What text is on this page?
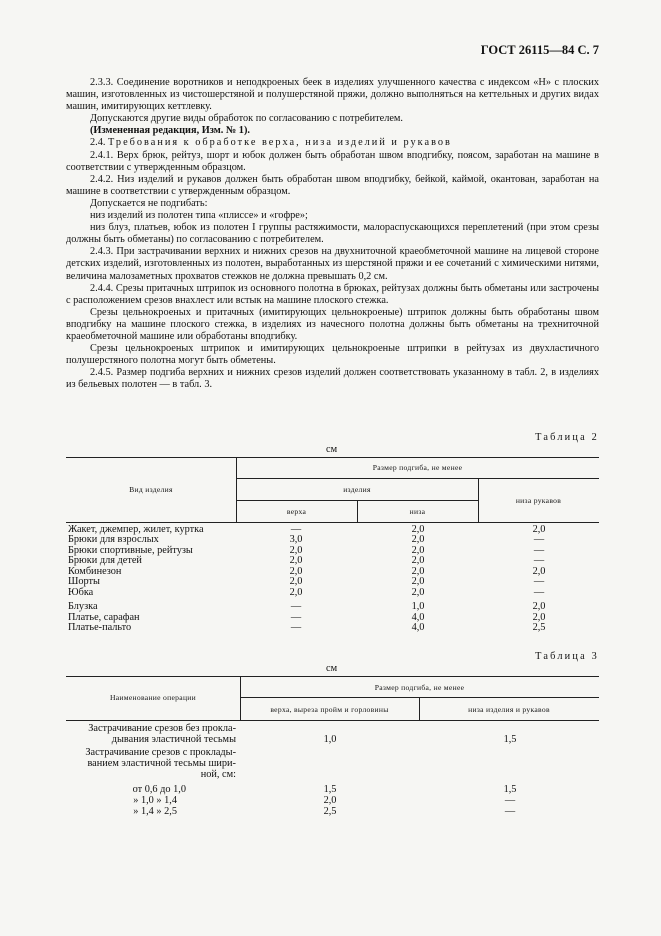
ГОСТ 26115—84 С. 7

2.3.3. Соединение воротников и неподкроеных беек в изделиях улучшенного качества с индексом «Н» с плоских машин, изготовленных из чистошерстяной и полушерстяной пряжи, должно выполняться на кеттельных и других видах машин, имитирующих кеттлевку.

Допускаются другие виды обработок по согласованию с потребителем.

(Измененная редакция, Изм. № 1).

2.4. Требования к обработке верха, низа изделий и рукавов

2.4.1. Верх брюк, рейтуз, шорт и юбок должен быть обработан швом вподгибку, поясом, заработан на машине в соответствии с утвержденным образцом.

2.4.2. Низ изделий и рукавов должен быть обработан швом вподгибку, бейкой, каймой, окантован, заработан на машине в соответствии с утвержденным образцом.

Допускается не подгибать:

низ изделий из полотен типа «плиссе» и «гофре»;

низ блуз, платьев, юбок из полотен I группы растяжимости, малораспускающихся переплетений (при этом срезы должны быть обметаны) по согласованию с потребителем.

2.4.3. При застрачивании верхних и нижних срезов на двухниточной краеобметочной машине на лицевой стороне детских изделий, изготовленных из полотен, выработанных из шерстяной пряжи и ее сочетаний с химическими нитями, величина малозаметных прохватов стежков не должна превышать 0,2 см.

2.4.4. Срезы притачных штрипок из основного полотна в брюках, рейтузах должны быть обметаны или застрочены с расположением срезов внахлест или встык на машине плоского стежка.

Срезы цельнокроеных и притачных (имитирующих цельнокроеные) штрипок должны быть обработаны швом вподгибку на машине плоского стежка, в изделиях из начесного полотна должны быть обметаны на трехниточной краеобметочной машине или обработаны вподгибку.

Срезы цельнокроеных штрипок и имитирующих цельнокроеные штрипки в рейтузах из двухластичного полушерстяного полотна могут быть обметены.

2.4.5. Размер подгиба верхних и нижних срезов изделий должен соответствовать указанному в табл. 2, в изделиях из бельевых полотен — в табл. 3.

Таблица 2
см
Вид изделия
Размер подгиба, не менее
изделия
верха	низа
низа рукавов
Жакет, джемпер, жилет, куртка	—	2,0	2,0
Брюки для взрослых	3,0	2,0	—
Брюки спортивные, рейтузы	2,0	2,0	—
Брюки для детей	2,0	2,0	—
Комбинезон	2,0	2,0	2,0
Шорты	2,0	2,0	—
Юбка	2,0	2,0	—
Блузка	—	1,0	2,0
Платье, сарафан	—	4,0	2,0
Платье-пальто	—	4,0	2,5
Таблица 3
см
Наименование операции
Размер подгиба, не менее
верха, выреза пройм и горловины	низа изделия и рукавов
Застрачивание срезов без прокла-
дывания эластичной тесьмы	1,0	1,5
Застрачивание срезов с проклады-
ванием эластичной тесьмы шири-
ной, см:
от 0,6 до 1,0	1,5	1,5
» 1,0 » 1,4	2,0	—
» 1,4 » 2,5	2,5	—
